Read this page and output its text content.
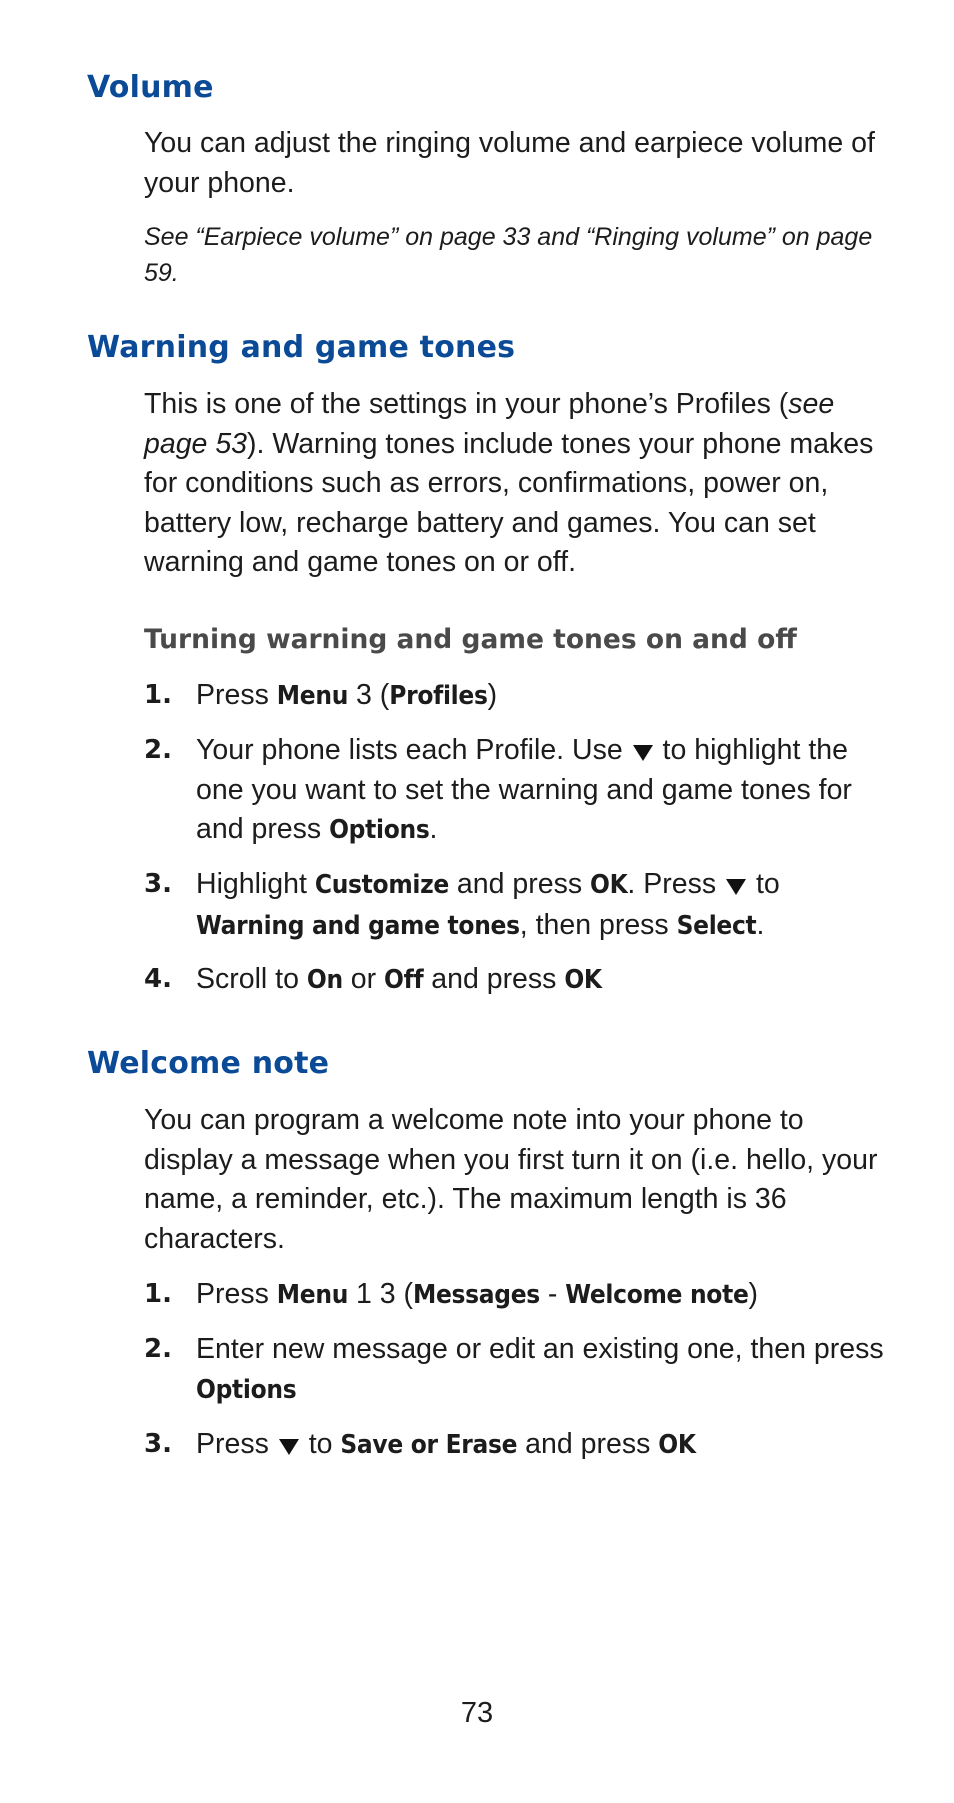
Volume

You can adjust the ringing volume and earpiece volume of your phone.

See “Earpiece volume” on page 33 and “Ringing volume” on page 59.

Warning and game tones

This is one of the settings in your phone’s Profiles (see page 53). Warning tones include tones your phone makes for conditions such as errors, confirmations, power on, battery low, recharge battery and games. You can set warning and game tones on or off.

Turning warning and game tones on and off
1. Press Menu 3 (Profiles)
2. Your phone lists each Profile. Use  to highlight the one you want to set the warning and game tones for and press Options.
3. Highlight Customize and press OK. Press  to Warning and game tones, then press Select.
4. Scroll to On or Off and press OK
Welcome note

You can program a welcome note into your phone to display a message when you first turn it on (i.e. hello, your name, a reminder, etc.). The maximum length is 36 characters.

1. Press Menu 1 3 (Messages - Welcome note)
2. Enter new message or edit an existing one, then press Options
3. Press  to Save or Erase and press OK
73
